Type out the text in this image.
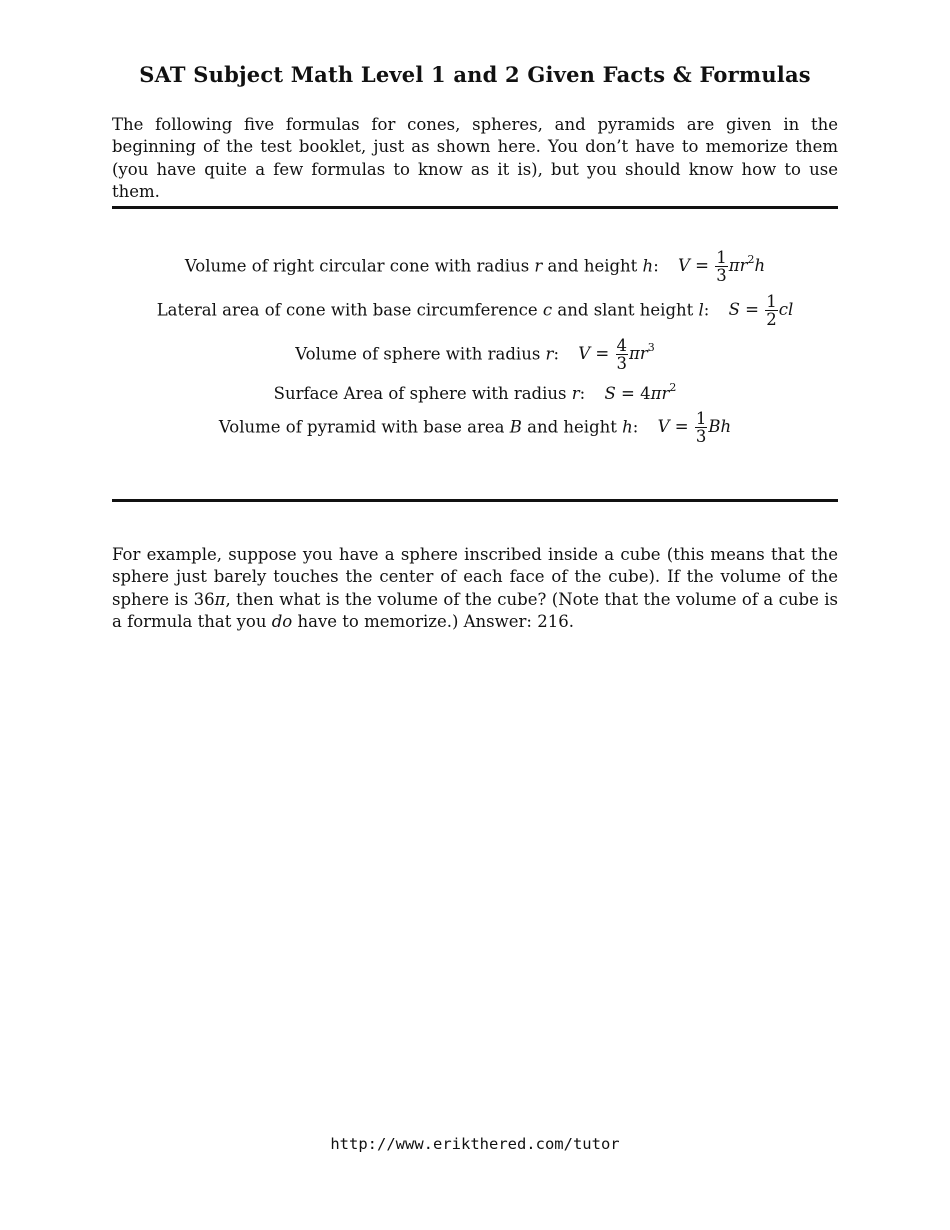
SAT Subject Math Level 1 and 2 Given Facts & Formulas

The following five formulas for cones, spheres, and pyramids are given in the beginning of the test booklet, just as shown here. You don’t have to memorize them (you have quite a few formulas to know as it is), but you should know how to use them.

Volume of right circular cone with radius r and height h: $V = \frac{1}{3} \pi r^2h$
Lateral area of cone with base circumference c and slant height l: $S = \frac{1}{2}$ cl
Volume of sphere with radius r: $V = \frac{4}{3} \pi r^3$
Surface Area of sphere with radius r: $S = 4\pi r^2$
Volume of pyramid with base area B and height h: $V = \frac{1}{3}$ Bh

For example, suppose you have a sphere inscribed inside a cube (this means that the sphere just barely touches the center of each face of the cube). If the volume of the sphere is 36π, then what is the volume of the cube? (Note that the volume of a cube is a formula that you do have to memorize.) Answer: 216.

http://www.erikthered.com/tutor
